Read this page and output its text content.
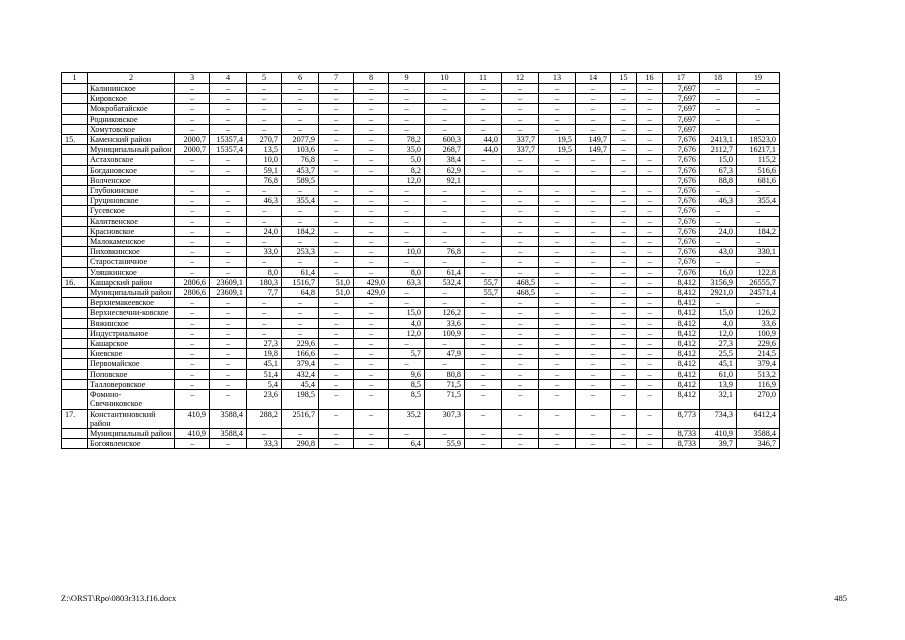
1	2	3	4	5	6	7	8	9	10	11	12	13	14	15	16	17	18	19
	Калининское	–	–	–	–	–	–	–	–	–	–	–	–	–	–	7,697	–	–
	Кировское	–	–	–	–	–	–	–	–	–	–	–	–	–	–	7,697	–	–
	Мокробатайское	–	–	–	–	–	–	–	–	–	–	–	–	–	–	7,697	–	–
	Родниковское	–	–	–	–	–	–	–	–	–	–	–	–	–	–	7,697	–	–
	Хомутовское	–	–	–	–	–	–	–	–	–	–	–	–	–	–	7,697		
15.	Каменский район	2000,7	15357,4	270,7	2077,9	–	–	78,2	600,3	44,0	337,7	19,5	149,7	–	–	7,676	2413,1	18523,0
	Муниципальный район	2000,7	15357,4	13,5	103,6	–	–	35,0	268,7	44,0	337,7	19,5	149,7	–	–	7,676	2112,7	16217,1
	Астаховское	–	–	10,0	76,8	–	–	5,0	38,4	–	–	–	–	–	–	7,676	15,0	115,2
	Богдановское	–	–	59,1	453,7	–	–	8,2	62,9	–	–	–	–	–	–	7,676	67,3	516,6
	Волченское			76,8	589,5			12,0	92,1							7,676	88,8	681,6
	Глубокинское	–	–	–	–	–	–	–	–	–	–	–	–	–	–	7,676	–	–
	Груциновское	–	–	46,3	355,4	–	–	–	–	–	–	–	–	–	–	7,676	46,3	355,4
	Гусевское	–	–	–	–	–	–	–	–	–	–	–	–	–	–	7,676	–	–
	Калитвенское	–	–	–	–	–	–	–	–	–	–	–	–	–	–	7,676	–	–
	Красновское	–	–	24,0	184,2	–	–	–	–	–	–	–	–	–	–	7,676	24,0	184,2
	Малокаменское	–	–	–	–	–	–	–	–	–	–	–	–	–	–	7,676	–	–
	Пиховкинское	–	–	33,0	253,3	–	–	10,0	76,8	–	–	–	–	–	–	7,676	43,0	330,1
	Старостаничное	–	–	–	–	–	–	–	–	–	–	–	–	–	–	7,676	–	–
	Уляшкинское	–	–	8,0	61,4	–	–	8,0	61,4	–	–	–	–	–	–	7,676	16,0	122,8
16.	Кашарский район	2806,6	23609,1	180,3	1516,7	51,0	429,0	63,3	532,4	55,7	468,5	–	–	–	–	8,412	3156,9	26555,7
	Муниципальный район	2806,6	23609,1	7,7	64,8	51,0	429,0	–	–	55,7	468,5	–	–	–	–	8,412	2921,0	24571,4
	Верхнемакеевское	–	–	–	–	–	–	–	–	–	–	–	–	–	–	8,412	–	–
	Верхнесвечни-ковское	–	–	–	–	–	–	15,0	126,2	–	–	–	–	–	–	8,412	15,0	126,2
	Вяжинское	–	–	–	–	–	–	4,0	33,6	–	–	–	–	–	–	8,412	4,0	33,6
	Индустриальное	–	–	–	–	–	–	12,0	100,9	–	–	–	–	–	–	8,412	12,0	100,9
	Кашарское	–	–	27,3	229,6	–	–	–	–	–	–	–	–	–	–	8,412	27,3	229,6
	Киевское	–	–	19,8	166,6	–	–	5,7	47,9	–	–	–	–	–	–	8,412	25,5	214,5
	Первомайское	–	–	45,1	379,4	–	–	–	–	–	–	–	–	–	–	8,412	45,1	379,4
	Поповское	–	–	51,4	432,4	–	–	9,6	80,8	–	–	–	–	–	–	8,412	61,0	513,2
	Талловеровское	–	–	5,4	45,4	–	–	8,5	71,5	–	–	–	–	–	–	8,412	13,9	116,9
	Фомино-Свечниковское	–	–	23,6	198,5	–	–	8,5	71,5	–	–	–	–	–	–	8,412	32,1	270,0
17.	Константиновский район	410,9	3588,4	288,2	2516,7	–	–	35,2	307,3	–	–	–	–	–	–	8,773	734,3	6412,4
	Муниципальный район	410,9	3588,4	–	–	–	–	–	–	–	–	–	–	–	–	8,733	410,9	3588,4
	Богоявленское	–	–	33,3	290,8	–	–	6,4	55,9	–	–	–	–	–	–	8,733	39,7	346,7
Z:\ORST\Rpo\0803r313.f16.docx	485
